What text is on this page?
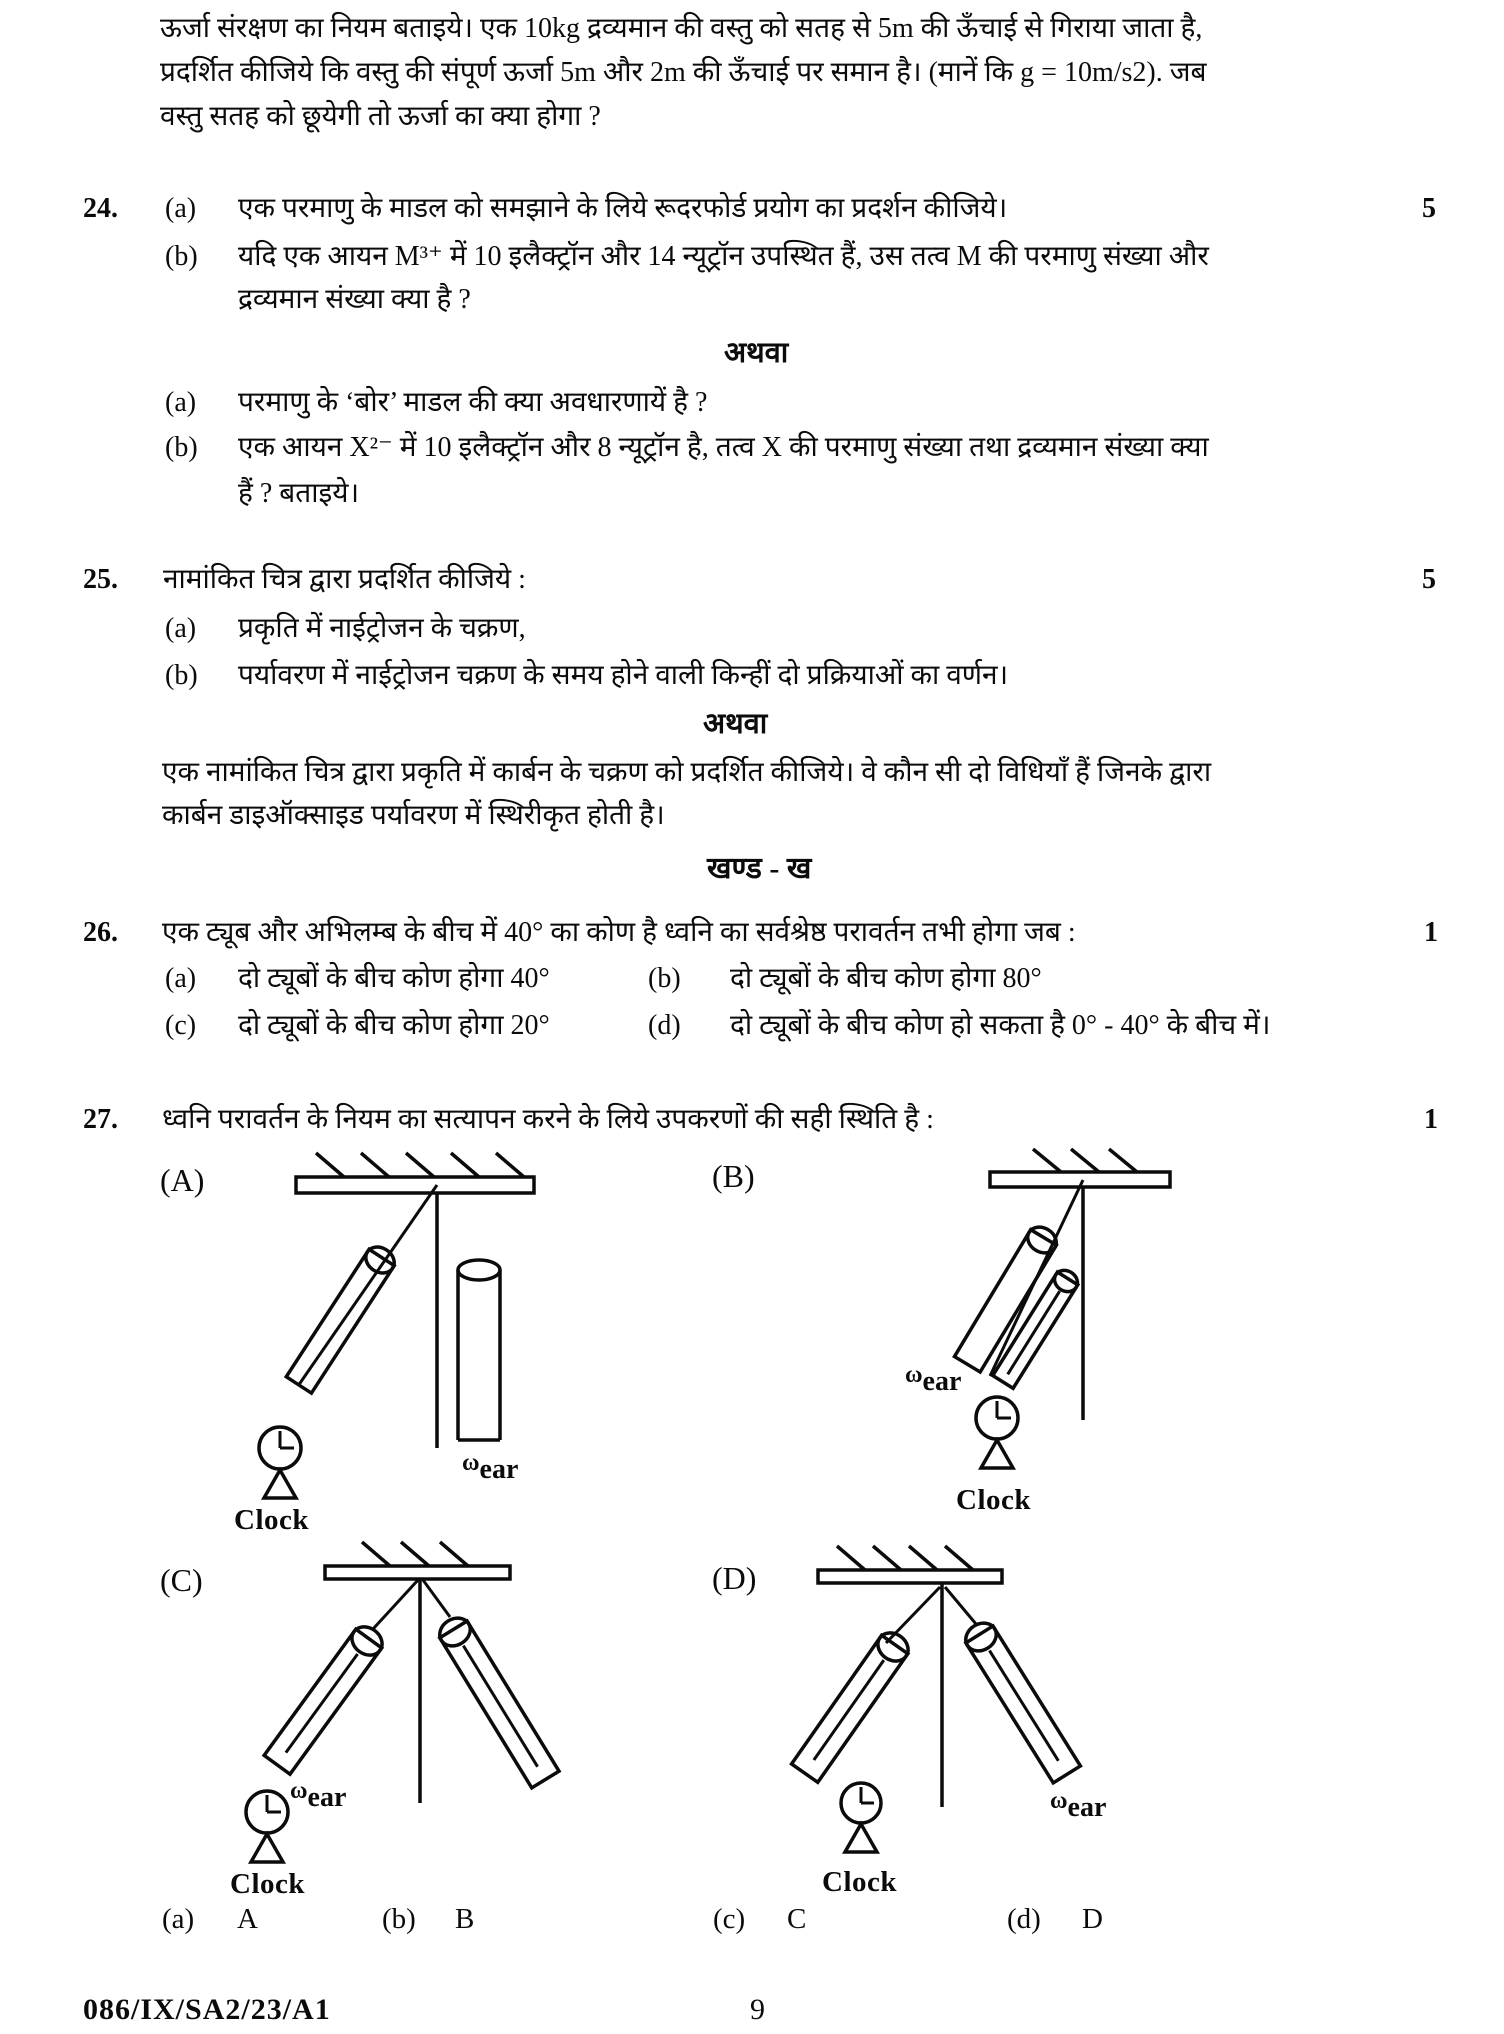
ऊर्जा संरक्षण का नियम बताइये। एक 10kg द्रव्यमान की वस्तु को सतह से 5m की ऊँचाई से गिराया जाता है,
प्रदर्शित कीजिये कि वस्तु की संपूर्ण ऊर्जा 5m और 2m की ऊँचाई पर समान है। (मानें कि g = 10m/s2). जब
वस्तु सतह को छूयेगी तो ऊर्जा का क्या होगा ?
24. (a) एक परमाणु के माडल को समझाने के लिये रूदरफोर्ड प्रयोग का प्रदर्शन कीजिये।	5
(b) यदि एक आयन M³⁺ में 10 इलैक्ट्रॉन और 14 न्यूट्रॉन उपस्थित हैं, उस तत्व M की परमाणु संख्या और
द्रव्यमान संख्या क्या है ?
अथवा
(a) परमाणु के ‘बोर’ माडल की क्या अवधारणायें है ?
(b) एक आयन X²⁻ में 10 इलैक्ट्रॉन और 8 न्यूट्रॉन है, तत्व X की परमाणु संख्या तथा द्रव्यमान संख्या क्या
हैं ? बताइये।
25. नामांकित चित्र द्वारा प्रदर्शित कीजिये :	5
(a) प्रकृति में नाईट्रोजन के चक्रण,
(b) पर्यावरण में नाईट्रोजन चक्रण के समय होने वाली किन्हीं दो प्रक्रियाओं का वर्णन।
अथवा
एक नामांकित चित्र द्वारा प्रकृति में कार्बन के चक्रण को प्रदर्शित कीजिये। वे कौन सी दो विधियाँ हैं जिनके द्वारा
कार्बन डाइऑक्साइड पर्यावरण में स्थिरीकृत होती है।
खण्ड - ख
26. एक ट्यूब और अभिलम्ब के बीच में 40° का कोण है ध्वनि का सर्वश्रेष्ठ परावर्तन तभी होगा जब :	1
(a) दो ट्यूबों के बीच कोण होगा 40°	(b) दो ट्यूबों के बीच कोण होगा 80°
(c) दो ट्यूबों के बीच कोण होगा 20°	(d) दो ट्यूबों के बीच कोण हो सकता है 0° - 40° के बीच में।
27. ध्वनि परावर्तन के नियम का सत्यापन करने के लिये उपकरणों की सही स्थिति है :	1
(A)
ωear
Clock
(B)
ωear
Clock
(C)
ωear
Clock
(D)
ωear
Clock
(a) A	(b) B	(c) C	(d) D
086/IX/SA2/23/A1	9
